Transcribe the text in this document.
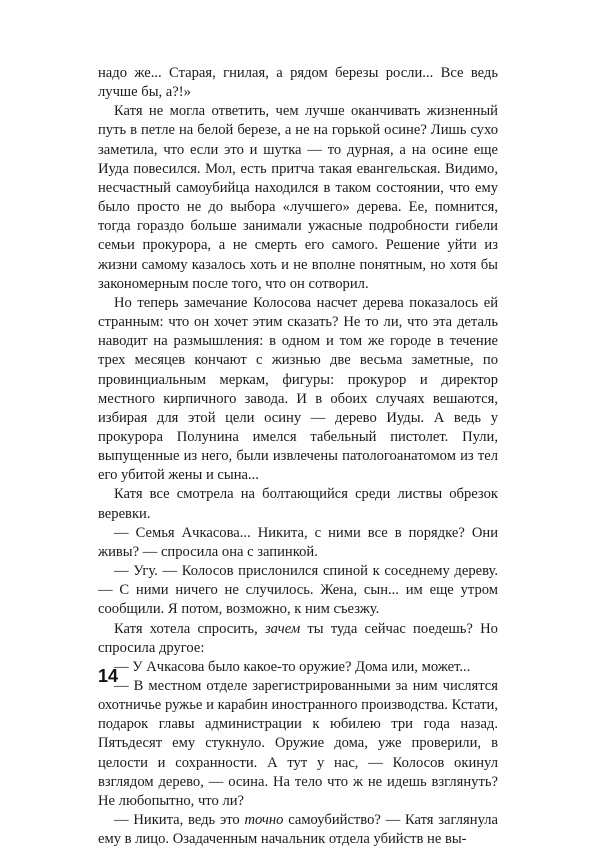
надо же... Старая, гнилая, а рядом березы росли... Все ведь лучше бы, а?!»

Катя не могла ответить, чем лучше оканчивать жизненный путь в петле на белой березе, а не на горькой осине? Лишь сухо заметила, что если это и шутка — то дурная, а на осине еще Иуда повесился. Мол, есть притча такая евангельская. Видимо, несчастный самоубийца находился в таком состоянии, что ему было просто не до выбора «лучшего» дерева. Ее, помнится, тогда гораздо больше занимали ужасные подробности гибели семьи прокурора, а не смерть его самого. Решение уйти из жизни самому казалось хоть и не вполне понятным, но хотя бы закономерным после того, что он сотворил.

Но теперь замечание Колосова насчет дерева показалось ей странным: что он хочет этим сказать? Не то ли, что эта деталь наводит на размышления: в одном и том же городе в течение трех месяцев кончают с жизнью две весьма заметные, по провинциальным меркам, фигуры: прокурор и директор местного кирпичного завода. И в обоих случаях вешаются, избирая для этой цели осину — дерево Иуды. А ведь у прокурора Полунина имелся табельный пистолет. Пули, выпущенные из него, были извлечены патологоанатомом из тел его убитой жены и сына...

Катя все смотрела на болтающийся среди листвы обрезок веревки.

— Семья Ачкасова... Никита, с ними все в порядке? Они живы? — спросила она с запинкой.

— Угу. — Колосов прислонился спиной к соседнему дереву. — С ними ничего не случилось. Жена, сын... им еще утром сообщили. Я потом, возможно, к ним съезжу.

Катя хотела спросить, зачем ты туда сейчас поедешь? Но спросила другое:

— У Ачкасова было какое-то оружие? Дома или, может...

— В местном отделе зарегистрированными за ним числятся охотничье ружье и карабин иностранного производства. Кстати, подарок главы администрации к юбилею три года назад. Пятьдесят ему стукнуло. Оружие дома, уже проверили, в целости и сохранности. А тут у нас, — Колосов окинул взглядом дерево, — осина. На тело что ж не идешь взглянуть? Не любопытно, что ли?

— Никита, ведь это точно самоубийство? — Катя заглянула ему в лицо. Озадаченным начальник отдела убийств не вы-

14
